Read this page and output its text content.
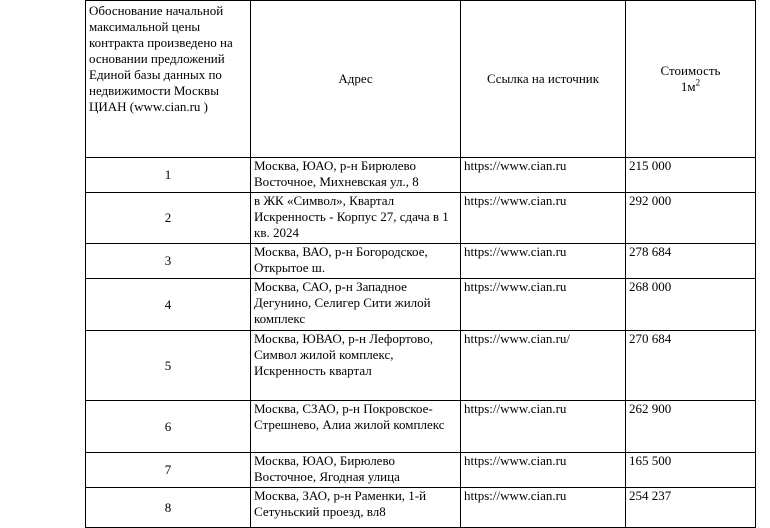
Обоснование начальной максимальной цены контракта произведено на основании предложений Единой базы данных по недвижимости Москвы ЦИАН (www.cian.ru )	Адрес	Ссылка на источник	Стоимость
$1м^2$
1	Москва, ЮАО, р-н Бирюлево Восточное, Михневская ул., 8	https://www.cian.ru	215 000
2	в ЖК «Символ», Квартал Искренность - Корпус 27, сдача в 1 кв. 2024	https://www.cian.ru	292 000
3	Москва, ВАО, р-н Богородское, Открытое ш.	https://www.cian.ru	278 684
4	Москва, САО, р-н Западное Дегунино, Селигер Сити жилой комплекс	https://www.cian.ru	268 000
5	Москва, ЮВАО, р-н Лефортово, Символ жилой комплекс, Искренность квартал	https://www.cian.ru/	270 684
6	Москва, СЗАО, р-н Покровское-Стрешнево, Алиа жилой комплекс	https://www.cian.ru	262 900
7	Москва, ЮАО, Бирюлево Восточное, Ягодная улица	https://www.cian.ru	165 500
8	Москва, ЗАО, р-н Раменки, 1-й Сетуньский проезд, вл8	https://www.cian.ru	254 237
